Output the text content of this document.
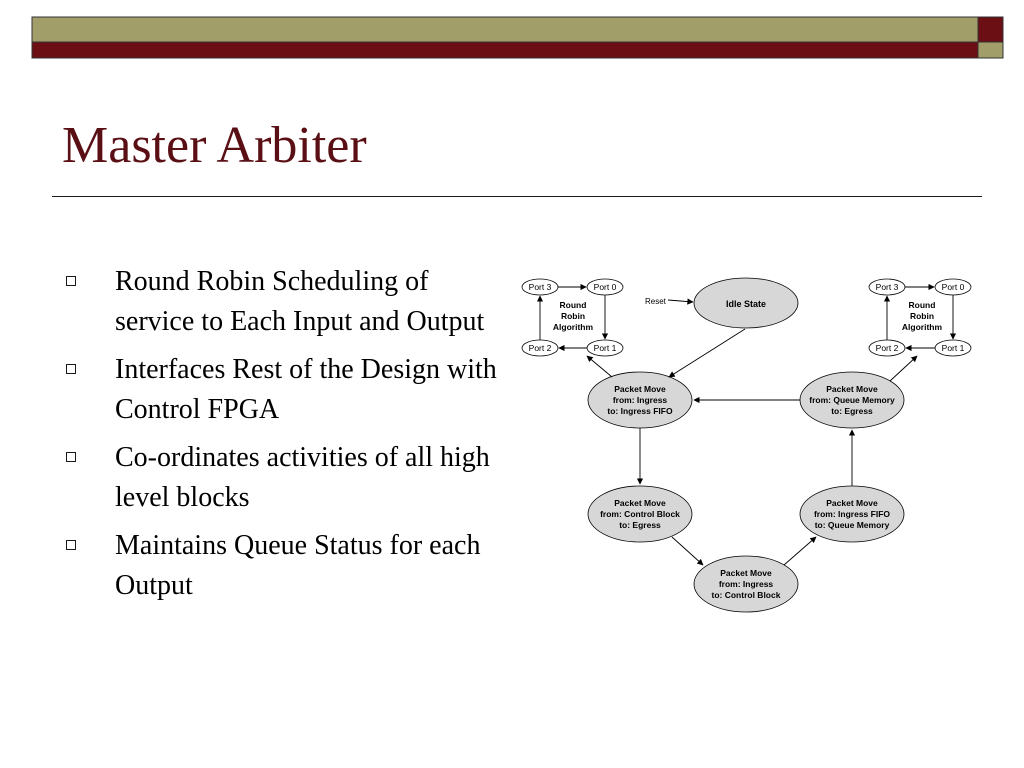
Master Arbiter
Round Robin Scheduling of service to Each Input and Output
Interfaces Rest of the Design with Control FPGA
Co-ordinates activities of all high level blocks
Maintains Queue Status for each Output
Port 3	Port 0
Port 2	Port 1
Round
Robin
Algorithm
Port 3	Port 0
Port 2	Port 1
Round
Robin
Algorithm
Idle State
Reset
Packet Move
from: Ingress
to: Ingress FIFO
Packet Move
from: Queue Memory
to: Egress
Packet Move
from: Control Block
to: Egress
Packet Move
from: Ingress FIFO
to: Queue Memory
Packet Move
from: Ingress
to: Control Block
